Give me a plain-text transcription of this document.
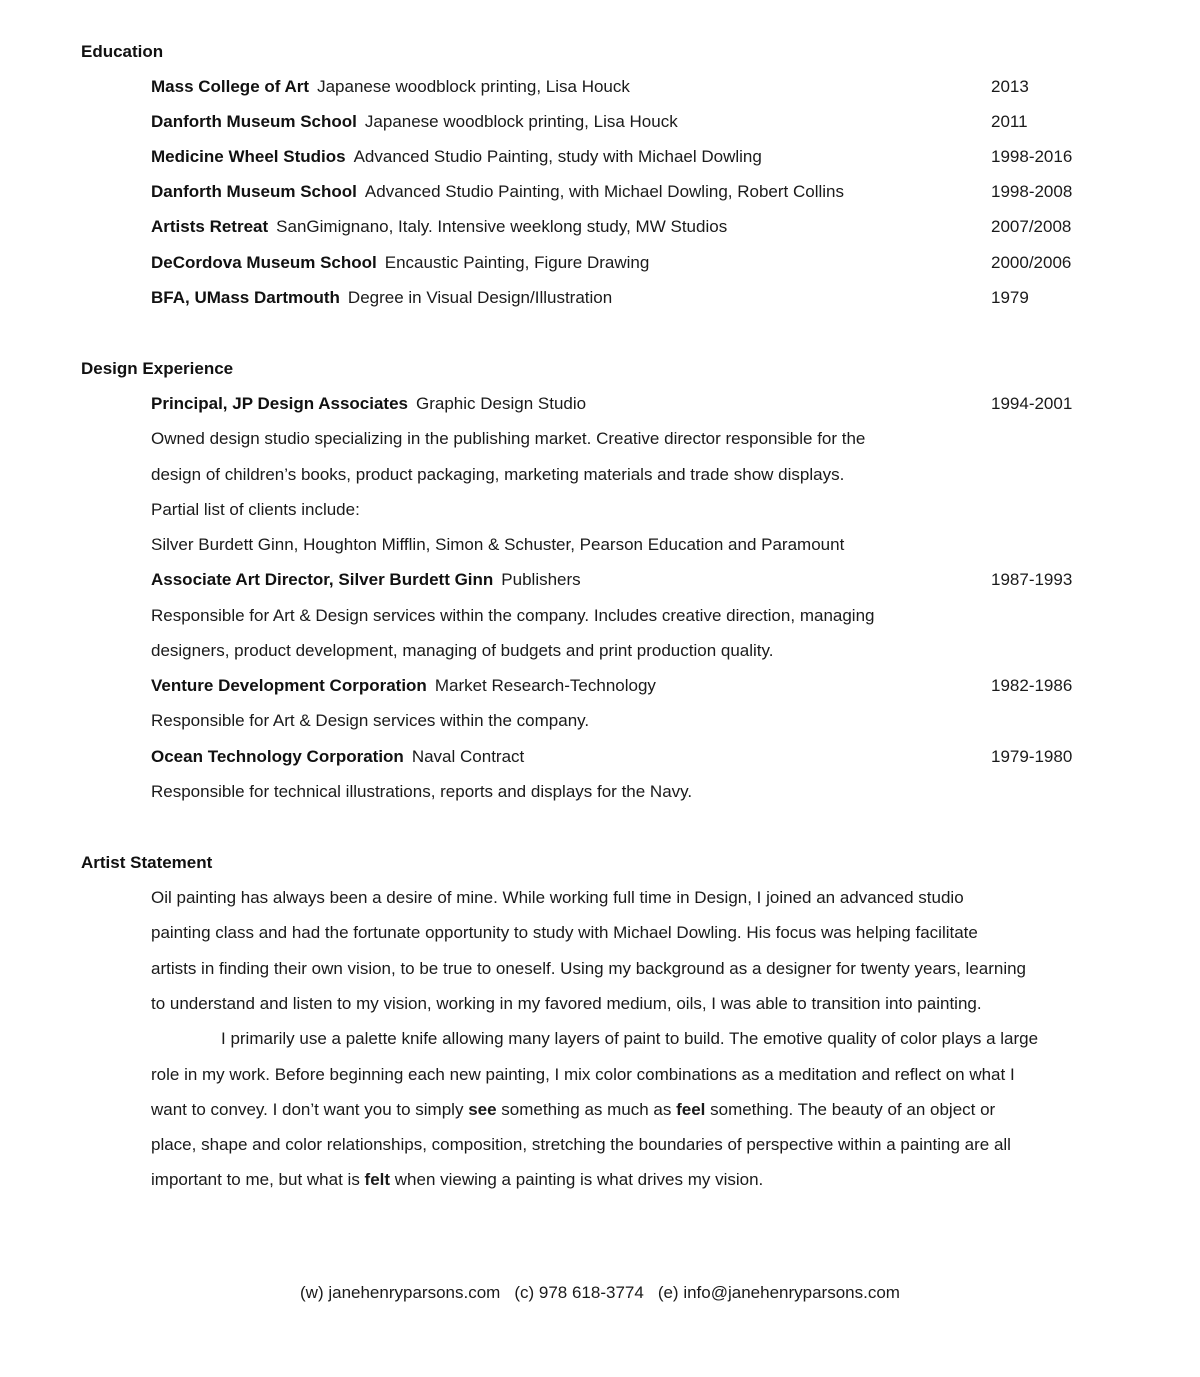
Education
Mass College of Art Japanese woodblock printing, Lisa Houck	2013
Danforth Museum School Japanese woodblock printing, Lisa Houck	2011
Medicine Wheel Studios Advanced Studio Painting, study with Michael Dowling	1998-2016
Danforth Museum School Advanced Studio Painting, with Michael Dowling, Robert Collins	1998-2008
Artists Retreat SanGimignano, Italy. Intensive weeklong study, MW Studios	2007/2008
DeCordova Museum School Encaustic Painting, Figure Drawing	2000/2006
BFA, UMass Dartmouth Degree in Visual Design/Illustration	1979
Design Experience
Principal, JP Design Associates Graphic Design Studio	1994-2001
Owned design studio specializing in the publishing market. Creative director responsible for the
design of children’s books, product packaging, marketing materials and trade show displays.
Partial list of clients include:
Silver Burdett Ginn, Houghton Mifflin, Simon & Schuster, Pearson Education and Paramount
Associate Art Director, Silver Burdett Ginn Publishers	1987-1993
Responsible for Art & Design services within the company. Includes creative direction, managing
designers, product development, managing of budgets and print production quality.
Venture Development Corporation Market Research-Technology	1982-1986
Responsible for Art & Design services within the company.
Ocean Technology Corporation Naval Contract	1979-1980
Responsible for technical illustrations, reports and displays for the Navy.
Artist Statement
Oil painting has always been a desire of mine. While working full time in Design, I joined an advanced studio
painting class and had the fortunate opportunity to study with Michael Dowling. His focus was helping facilitate
artists in finding their own vision, to be true to oneself. Using my background as a designer for twenty years, learning
to understand and listen to my vision, working in my favored medium, oils, I was able to transition into painting.
I primarily use a palette knife allowing many layers of paint to build. The emotive quality of color plays a large
role in my work. Before beginning each new painting, I mix color combinations as a meditation and reflect on what I
want to convey. I don’t want you to simply see something as much as feel something. The beauty of an object or
place, shape and color relationships, composition, stretching the boundaries of perspective within a painting are all
important to me, but what is felt when viewing a painting is what drives my vision.
(w) janehenryparsons.com (c) 978 618-3774 (e) info@janehenryparsons.com
